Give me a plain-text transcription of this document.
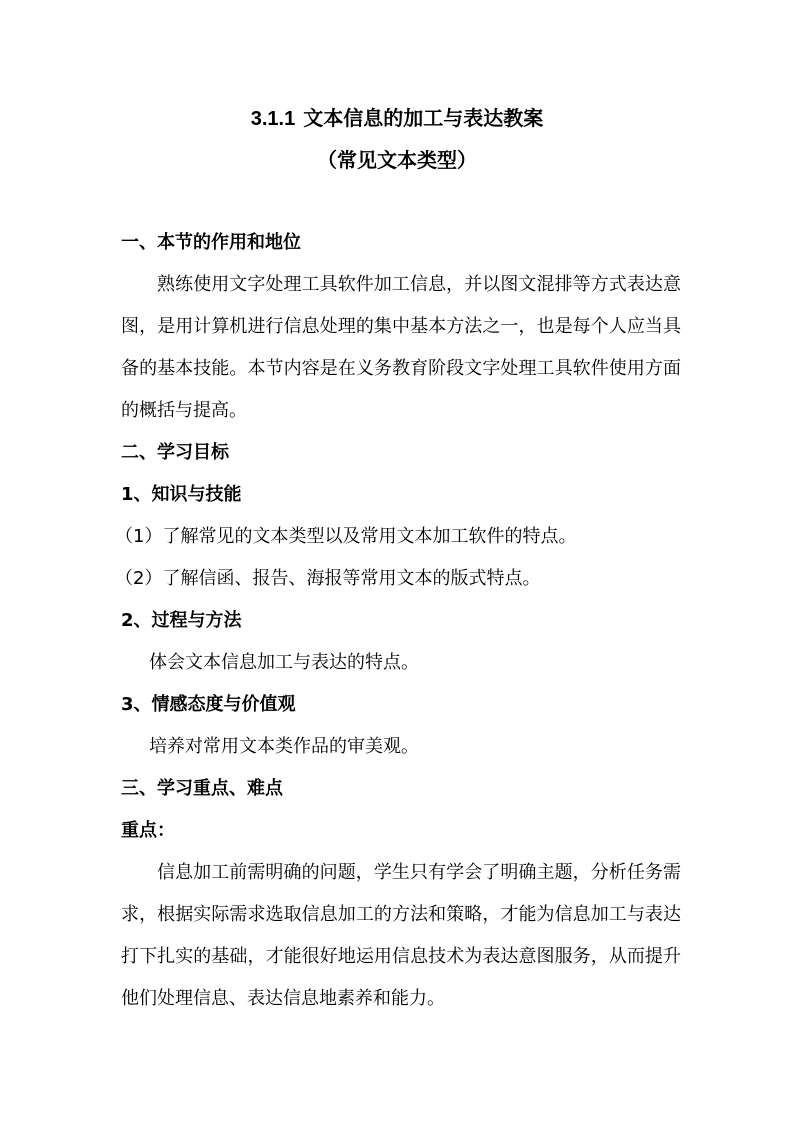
3.1.1 文本信息的加工与表达教案
（常见文本类型）
一、本节的作用和地位

熟练使用文字处理工具软件加工信息，并以图文混排等方式表达意图，是用计算机进行信息处理的集中基本方法之一，也是每个人应当具备的基本技能。本节内容是在义务教育阶段文字处理工具软件使用方面的概括与提高。

二、学习目标
1、知识与技能
（1）了解常见的文本类型以及常用文本加工软件的特点。
（2）了解信函、报告、海报等常用文本的版式特点。
2、过程与方法
体会文本信息加工与表达的特点。
3、情感态度与价值观
培养对常用文本类作品的审美观。
三、学习重点、难点
重点：

信息加工前需明确的问题，学生只有学会了明确主题，分析任务需求，根据实际需求选取信息加工的方法和策略，才能为信息加工与表达打下扎实的基础，才能很好地运用信息技术为表达意图服务，从而提升他们处理信息、表达信息地素养和能力。
